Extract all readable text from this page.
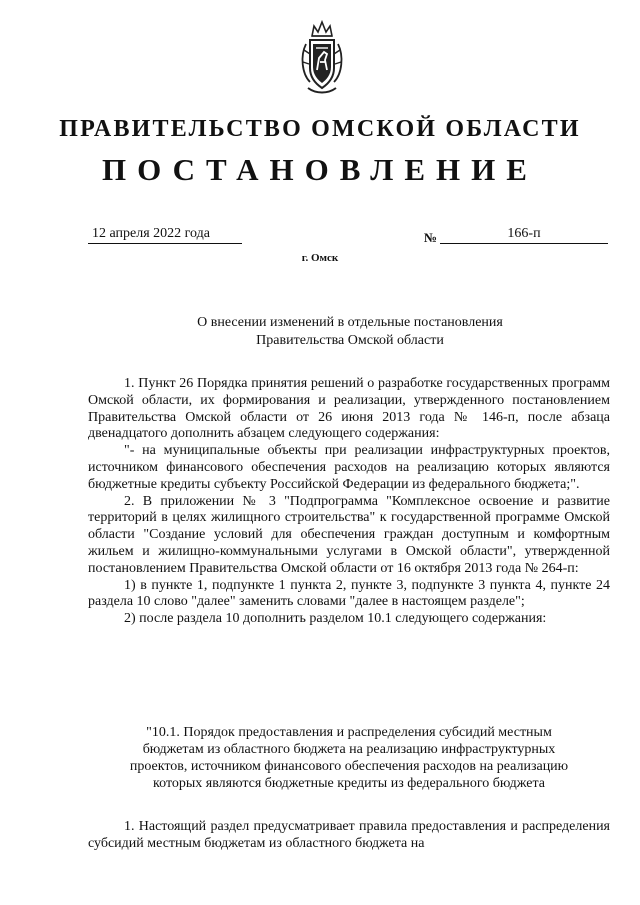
ПРАВИТЕЛЬСТВО ОМСКОЙ ОБЛАСТИ
ПОСТАНОВЛЕНИЕ
12 апреля 2022 года	№	166-п
г. Омск
О внесении изменений в отдельные постановления
Правительства Омской области

1. Пункт 26 Порядка принятия решений о разработке государственных программ Омской области, их формирования и реализации, утвержденного постановлением Правительства Омской области от 26 июня 2013 года № 146-п, после абзаца двенадцатого дополнить абзацем следующего содержания:

"- на муниципальные объекты при реализации инфраструктурных проектов, источником финансового обеспечения расходов на реализацию которых являются бюджетные кредиты субъекту Российской Федерации из федерального бюджета;".

2. В приложении № 3 "Подпрограмма "Комплексное освоение и развитие территорий в целях жилищного строительства" к государственной программе Омской области "Создание условий для обеспечения граждан доступным и комфортным жильем и жилищно-коммунальными услугами в Омской области", утвержденной постановлением Правительства Омской области от 16 октября 2013 года № 264-п:

1) в пункте 1, подпункте 1 пункта 2, пункте 3, подпункте 3 пункта 4, пункте 24 раздела 10 слово "далее" заменить словами "далее в настоящем разделе";

2) после раздела 10 дополнить разделом 10.1 следующего содержания:

"10.1. Порядок предоставления и распределения субсидий местным
бюджетам из областного бюджета на реализацию инфраструктурных
проектов, источником финансового обеспечения расходов на реализацию
которых являются бюджетные кредиты из федерального бюджета

1. Настоящий раздел предусматривает правила предоставления и распределения субсидий местным бюджетам из областного бюджета на
